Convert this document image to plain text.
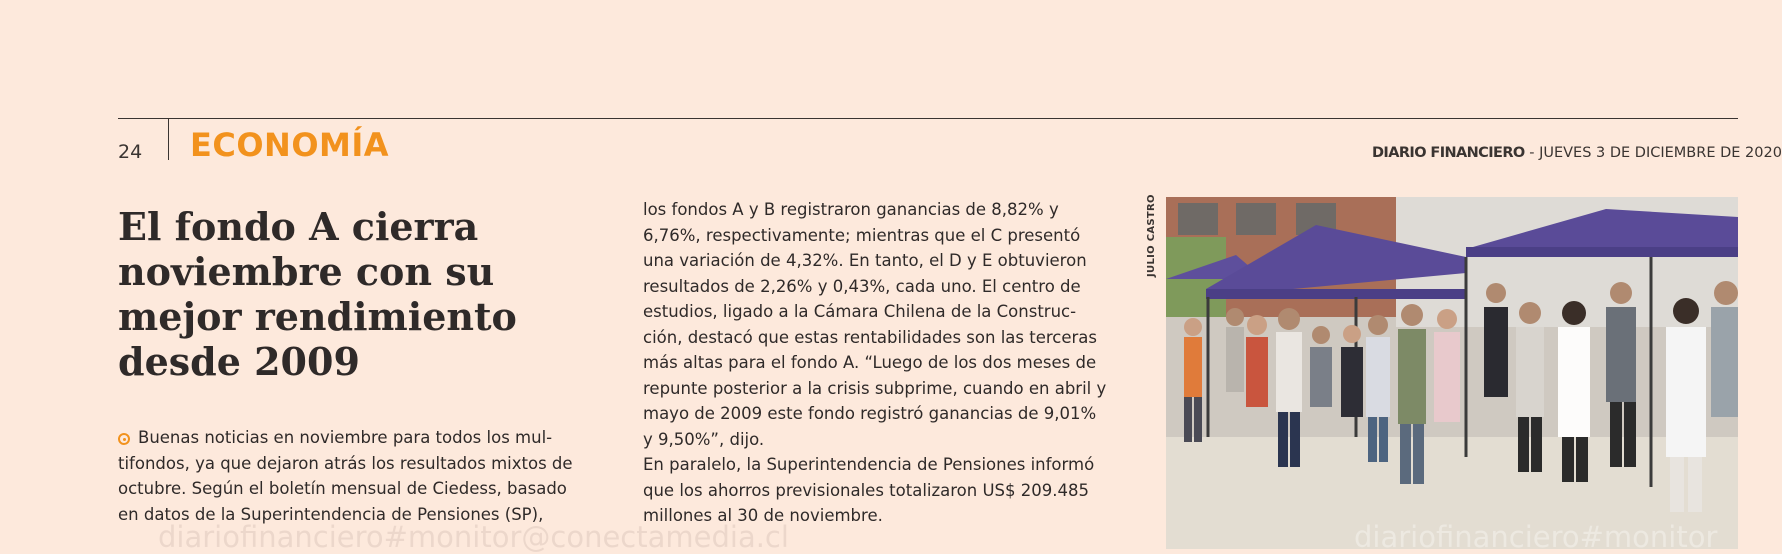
24 ECONOMÍA	DIARIO FINANCIERO - JUEVES 3 DE DICIEMBRE DE 2020
El fondo A cierra noviembre con su mejor rendimiento desde 2009
Buenas noticias en noviembre para todos los mul-
tifondos, ya que dejaron atrás los resultados mixtos de
octubre. Según el boletín mensual de Ciedess, basado
en datos de la Superintendencia de Pensiones (SP),
los fondos A y B registraron ganancias de 8,82% y
6,76%, respectivamente; mientras que el C presentó
una variación de 4,32%. En tanto, el D y E obtuvieron
resultados de 2,26% y 0,43%, cada uno. El centro de
estudios, ligado a la Cámara Chilena de la Construc-
ción, destacó que estas rentabilidades son las terceras
más altas para el fondo A. “Luego de los dos meses de
repunte posterior a la crisis subprime, cuando en abril y
mayo de 2009 este fondo registró ganancias de 9,01%
y 9,50%”, dijo.
En paralelo, la Superintendencia de Pensiones informó
que los ahorros previsionales totalizaron US$ 209.485
millones al 30 de noviembre.
JULIO CASTRO
diariofinanciero#monitor@conectamedia.cl	diariofinanciero#monitor
